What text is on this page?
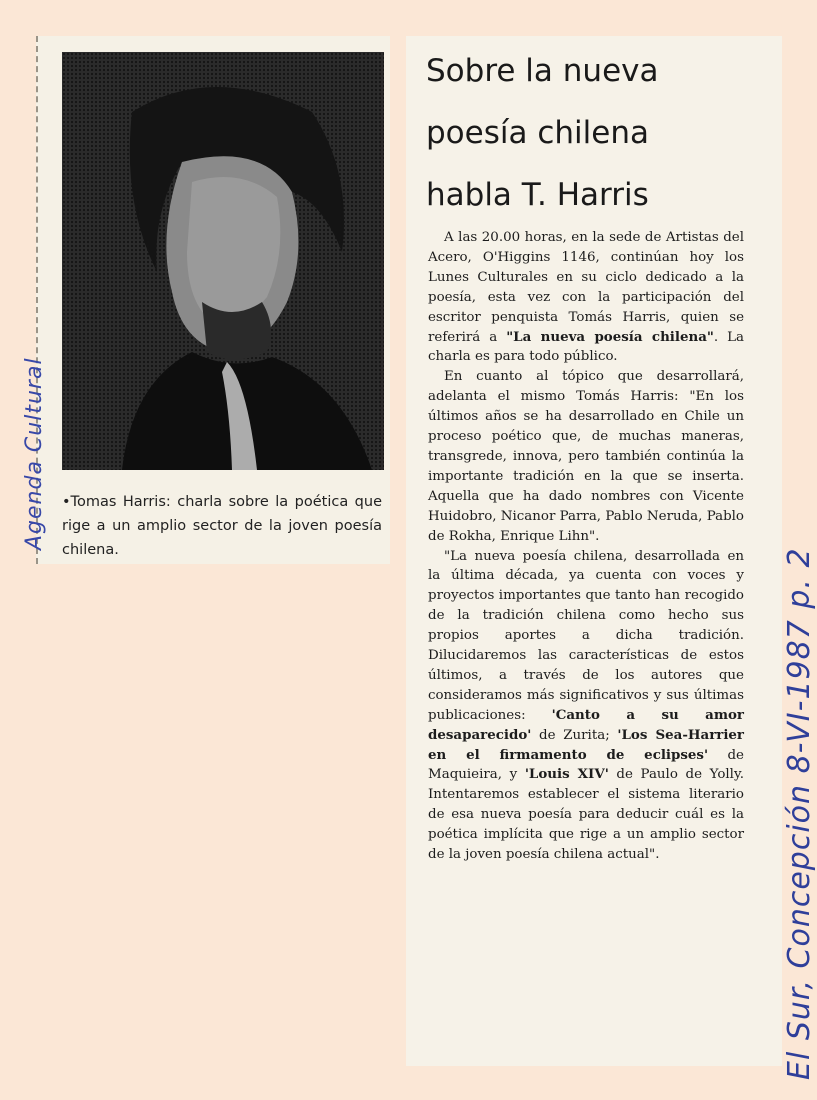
•Tomas Harris: charla sobre la poética que rige a un amplio sector de la joven poesía chilena.
Agenda Cultural
Sobre la nueva
poesía chilena
habla T. Harris

A las 20.00 horas, en la sede de Artistas del Acero, O'Higgins 1146, continúan hoy los Lunes Culturales en su ciclo dedicado a la poesía, esta vez con la participación del escritor penquista Tomás Harris, quien se referirá a "La nueva poesía chilena". La charla es para todo público.

En cuanto al tópico que desarrollará, adelanta el mismo Tomás Harris: "En los últimos años se ha desarrollado en Chile un proceso poético que, de muchas maneras, transgrede, innova, pero también continúa la importante tradición en la que se inserta. Aquella que ha dado nombres con Vicente Huidobro, Nicanor Parra, Pablo Neruda, Pablo de Rokha, Enrique Lihn".

"La nueva poesía chilena, desarrollada en la última década, ya cuenta con voces y proyectos importantes que tanto han recogido de la tradición chilena como hecho sus propios aportes a dicha tradición. Dilucidaremos las características de estos últimos, a través de los autores que consideramos más significativos y sus últimas publicaciones: 'Canto a su amor desaparecido' de Zurita; 'Los Sea-Harrier en el firmamento de eclipses' de Maquieira, y 'Louis XIV' de Paulo de Yolly. Intentaremos establecer el sistema literario de esa nueva poesía para deducir cuál es la poética implícita que rige a un amplio sector de la joven poesía chilena actual".	El Sur, Concepción 8-VI-1987 p. 2
